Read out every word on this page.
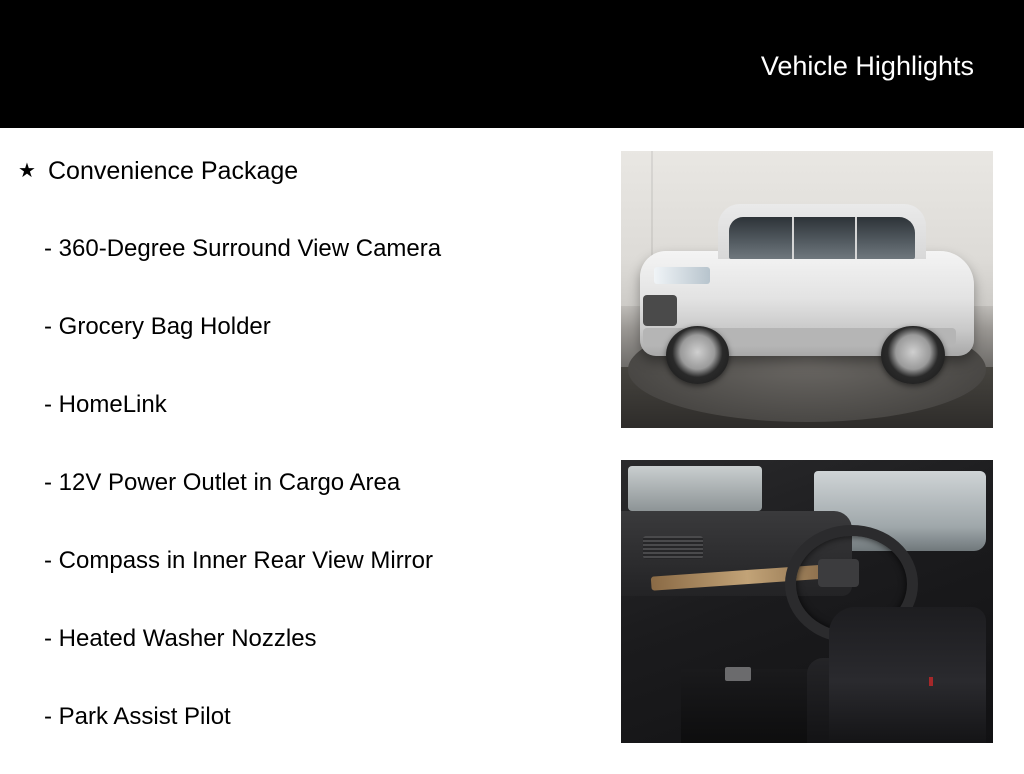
Vehicle Highlights
★ Convenience Package
- 360-Degree Surround View Camera
- Grocery Bag Holder
- HomeLink
- 12V Power Outlet in Cargo Area
- Compass in Inner Rear View Mirror
- Heated Washer Nozzles
- Park Assist Pilot
